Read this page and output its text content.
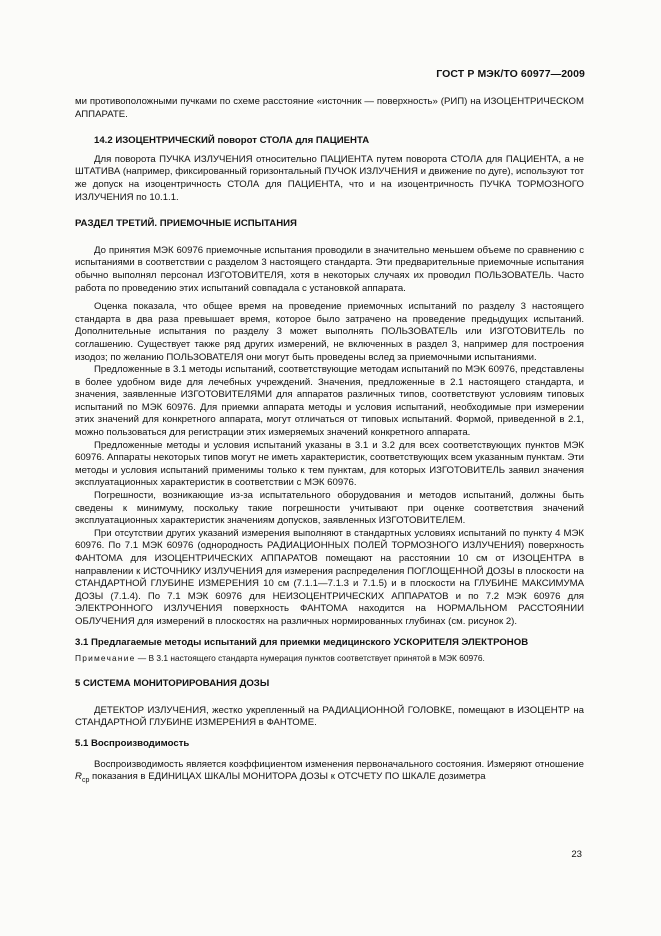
ГОСТ Р МЭК/ТО 60977—2009

ми противоположными пучками по схеме расстояние «источник — поверхность» (РИП) на ИЗОЦЕНТРИЧЕСКОМ АППАРАТЕ.

14.2 ИЗОЦЕНТРИЧЕСКИЙ поворот СТОЛА для ПАЦИЕНТА

Для поворота ПУЧКА ИЗЛУЧЕНИЯ относительно ПАЦИЕНТА путем поворота СТОЛА для ПАЦИЕНТА, а не ШТАТИВА (например, фиксированный горизонтальный ПУЧОК ИЗЛУЧЕНИЯ и движение по дуге), используют тот же допуск на изоцентричность СТОЛА для ПАЦИЕНТА, что и на изоцентричность ПУЧКА ТОРМОЗНОГО ИЗЛУЧЕНИЯ по 10.1.1.

РАЗДЕЛ ТРЕТИЙ. ПРИЕМОЧНЫЕ ИСПЫТАНИЯ

До принятия МЭК 60976 приемочные испытания проводили в значительно меньшем объеме по сравнению с испытаниями в соответствии с разделом 3 настоящего стандарта. Эти предварительные приемочные испытания обычно выполнял персонал ИЗГОТОВИТЕЛЯ, хотя в некоторых случаях их проводил ПОЛЬЗОВАТЕЛЬ. Часто работа по проведению этих испытаний совпадала с установкой аппарата.

Оценка показала, что общее время на проведение приемочных испытаний по разделу 3 настоящего стандарта в два раза превышает время, которое было затрачено на проведение предыдущих испытаний. Дополнительные испытания по разделу 3 может выполнять ПОЛЬЗОВАТЕЛЬ или ИЗГОТОВИТЕЛЬ по соглашению. Существует также ряд других измерений, не включенных в раздел 3, например для построения изодоз; по желанию ПОЛЬЗОВАТЕЛЯ они могут быть проведены вслед за приемочными испытаниями.

Предложенные в 3.1 методы испытаний, соответствующие методам испытаний по МЭК 60976, представлены в более удобном виде для лечебных учреждений. Значения, предложенные в 2.1 настоящего стандарта, и значения, заявленные ИЗГОТОВИТЕЛЯМИ для аппаратов различных типов, соответствуют условиям типовых испытаний по МЭК 60976. Для приемки аппарата методы и условия испытаний, необходимые при измерении этих значений для конкретного аппарата, могут отличаться от типовых испытаний. Формой, приведенной в 2.1, можно пользоваться для регистрации этих измеряемых значений конкретного аппарата.

Предложенные методы и условия испытаний указаны в 3.1 и 3.2 для всех соответствующих пунктов МЭК 60976. Аппараты некоторых типов могут не иметь характеристик, соответствующих всем указанным пунктам. Эти методы и условия испытаний применимы только к тем пунктам, для которых ИЗГОТОВИТЕЛЬ заявил значения эксплуатационных характеристик в соответствии с МЭК 60976.

Погрешности, возникающие из-за испытательного оборудования и методов испытаний, должны быть сведены к минимуму, поскольку такие погрешности учитывают при оценке соответствия значений эксплуатационных характеристик значениям допусков, заявленных ИЗГОТОВИТЕЛЕМ.

При отсутствии других указаний измерения выполняют в стандартных условиях испытаний по пункту 4 МЭК 60976. По 7.1 МЭК 60976 (однородность РАДИАЦИОННЫХ ПОЛЕЙ ТОРМОЗНОГО ИЗЛУЧЕНИЯ) поверхность ФАНТОМА для ИЗОЦЕНТРИЧЕСКИХ АППАРАТОВ помещают на расстоянии 10 см от ИЗОЦЕНТРА в направлении к ИСТОЧНИКУ ИЗЛУЧЕНИЯ для измерения распределения ПОГЛОЩЕННОЙ ДОЗЫ в плоскости на СТАНДАРТНОЙ ГЛУБИНЕ ИЗМЕРЕНИЯ 10 см (7.1.1—7.1.3 и 7.1.5) и в плоскости на ГЛУБИНЕ МАКСИМУМА ДОЗЫ (7.1.4). По 7.1 МЭК 60976 для НЕИЗОЦЕНТРИЧЕСКИХ АППАРАТОВ и по 7.2 МЭК 60976 для ЭЛЕКТРОННОГО ИЗЛУЧЕНИЯ поверхность ФАНТОМА находится на НОРМАЛЬНОМ РАССТОЯНИИ ОБЛУЧЕНИЯ для измерений в плоскостях на различных нормированных глубинах (см. рисунок 2).

3.1 Предлагаемые методы испытаний для приемки медицинского УСКОРИТЕЛЯ ЭЛЕКТРОНОВ

Примечание — В 3.1 настоящего стандарта нумерация пунктов соответствует принятой в МЭК 60976.

5 СИСТЕМА МОНИТОРИРОВАНИЯ ДОЗЫ

ДЕТЕКТОР ИЗЛУЧЕНИЯ, жестко укрепленный на РАДИАЦИОННОЙ ГОЛОВКЕ, помещают в ИЗОЦЕНТР на СТАНДАРТНОЙ ГЛУБИНЕ ИЗМЕРЕНИЯ в ФАНТОМЕ.

5.1 Воспроизводимость

Воспроизводимость является коэффициентом изменения первоначального состояния. Измеряют отношение $R_{ср}$ показания в ЕДИНИЦАХ ШКАЛЫ МОНИТОРА ДОЗЫ к ОТСЧЕТУ ПО ШКАЛЕ дозиметра

23
